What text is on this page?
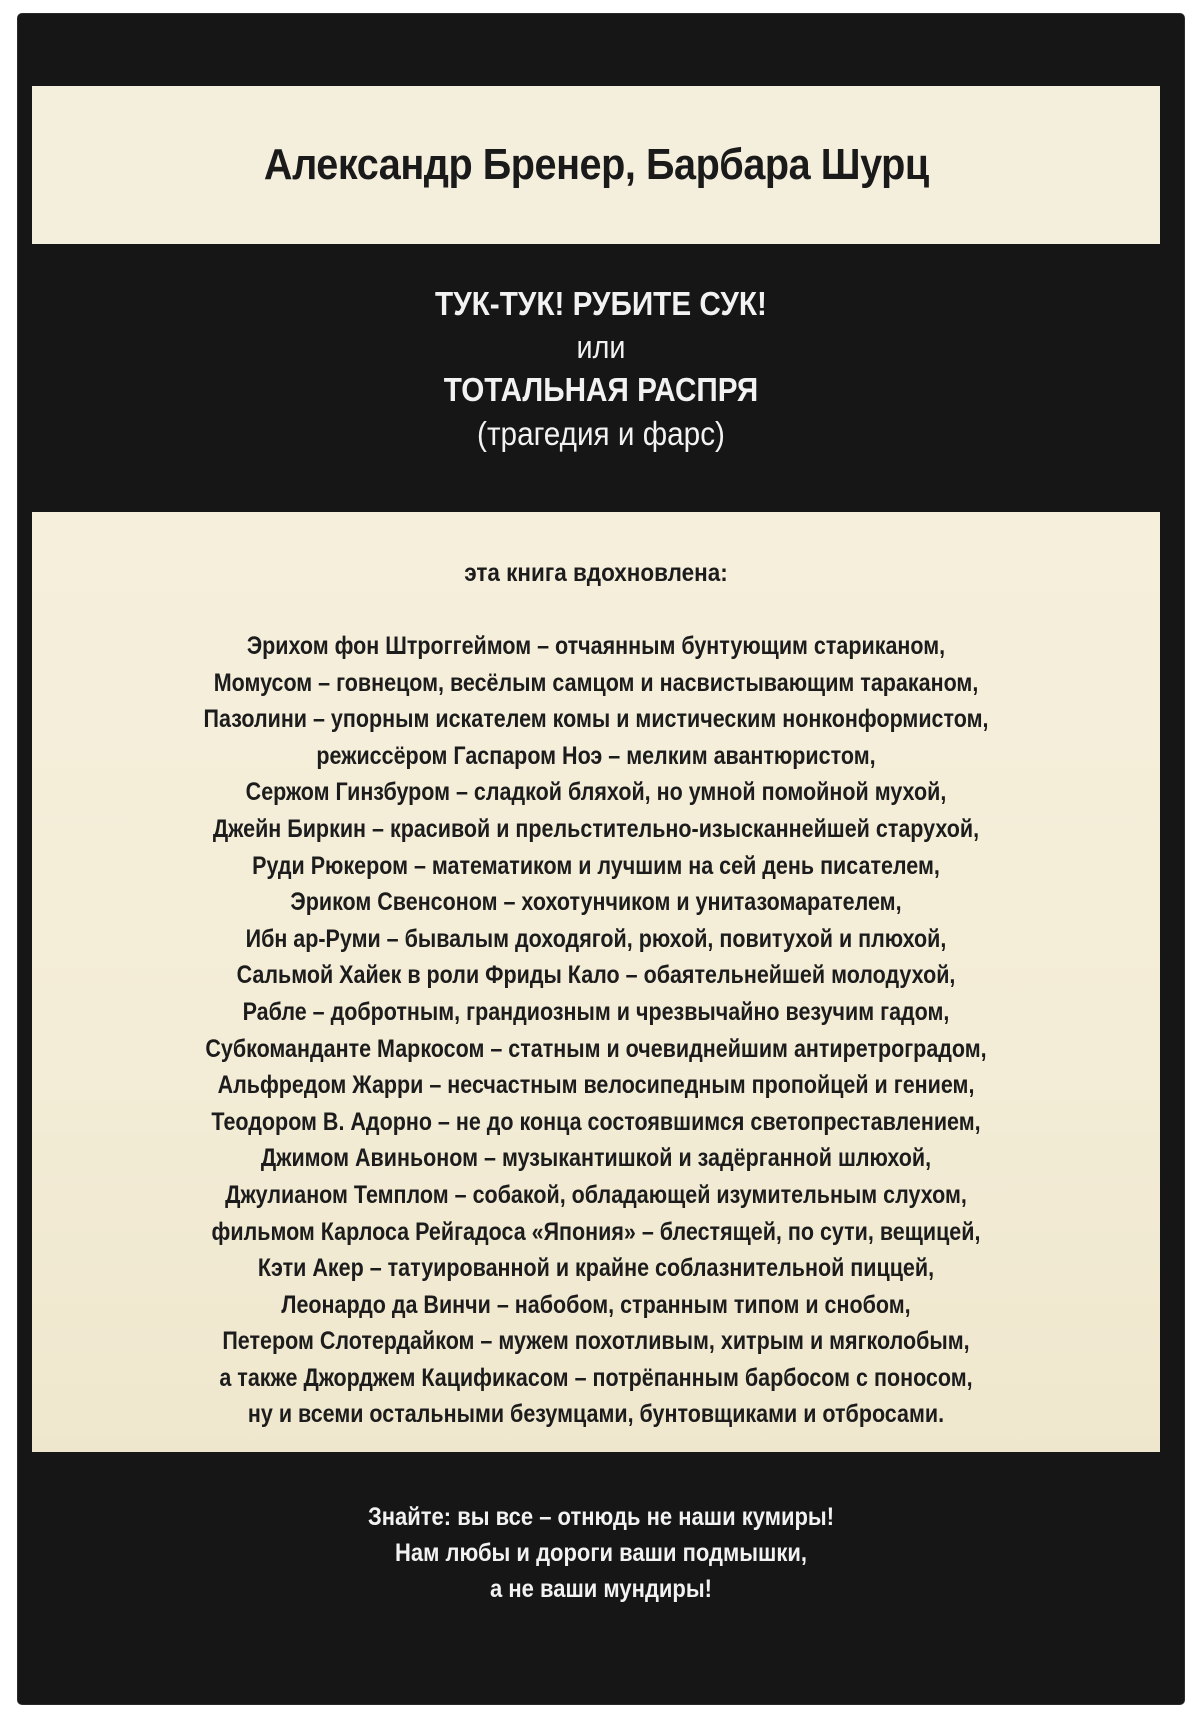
Александр Бренер, Барбара Шурц
ТУК-ТУК! РУБИТЕ СУК!
или
ТОТАЛЬНАЯ РАСПРЯ
(трагедия и фарс)
эта книга вдохновлена:
Эрихом фон Штроггеймом – отчаянным бунтующим стариканом,
Момусом – говнецом, весёлым самцом и насвистывающим тараканом,
Пазолини – упорным искателем комы и мистическим нонконформистом,
режиссёром Гаспаром Ноэ – мелким авантюристом,
Сержом Гинзбуром – сладкой бляхой, но умной помойной мухой,
Джейн Биркин – красивой и прельстительно-изысканнейшей старухой,
Руди Рюкером – математиком и лучшим на сей день писателем,
Эриком Свенсоном – хохотунчиком и унитазомарателем,
Ибн ар-Руми – бывалым доходягой, рюхой, повитухой и плюхой,
Сальмой Хайек в роли Фриды Кало – обаятельнейшей молодухой,
Рабле – добротным, грандиозным и чрезвычайно везучим гадом,
Субкоманданте Маркосом – статным и очевиднейшим антиретроградом,
Альфредом Жарри – несчастным велосипедным пропойцей и гением,
Теодором В. Адорно – не до конца состоявшимся светопреставлением,
Джимом Авиньоном – музыкантишкой и задёрганной шлюхой,
Джулианом Темплом – собакой, обладающей изумительным слухом,
фильмом Карлоса Рейгадоса «Япония» – блестящей, по сути, вещицей,
Кэти Акер – татуированной и крайне соблазнительной пиццей,
Леонардо да Винчи – набобом, странным типом и снобом,
Петером Слотердайком – мужем похотливым, хитрым и мягколобым,
а также Джорджем Кацификасом – потрёпанным барбосом с поносом,
ну и всеми остальными безумцами, бунтовщиками и отбросами.
Знайте: вы все – отнюдь не наши кумиры!
Нам любы и дороги ваши подмышки,
а не ваши мундиры!
